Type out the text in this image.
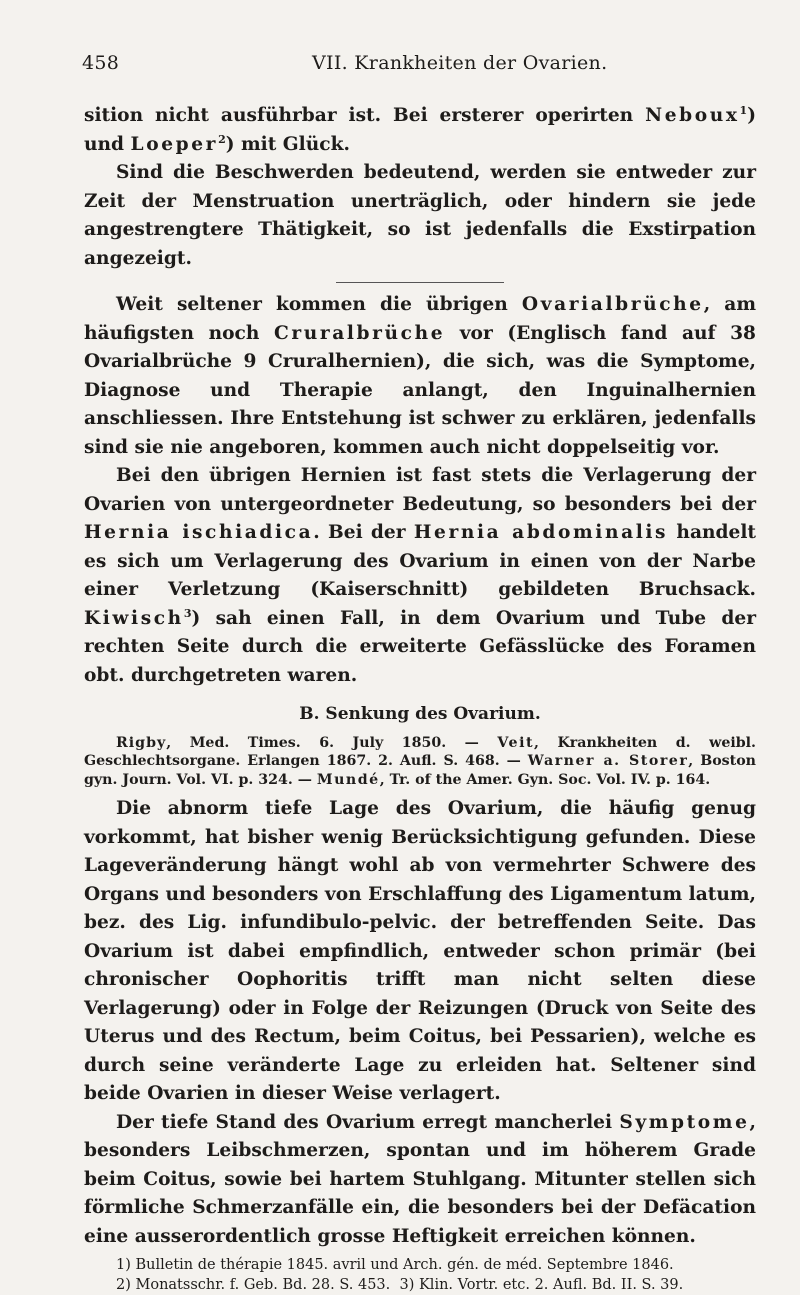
458	VII. Krankheiten der Ovarien.

sition nicht ausführbar ist. Bei ersterer operirten Neboux$^1$) und Loeper$^2$) mit Glück.

Sind die Beschwerden bedeutend, werden sie entweder zur Zeit der Menstruation unerträglich, oder hindern sie jede angestrengtere Thätigkeit, so ist jedenfalls die Exstirpation angezeigt.

Weit seltener kommen die übrigen Ovarialbrüche, am häufigsten noch Cruralbrüche vor (Englisch fand auf 38 Ovarialbrüche 9 Cruralhernien), die sich, was die Symptome, Diagnose und Therapie anlangt, den Inguinalhernien anschliessen. Ihre Entstehung ist schwer zu erklären, jedenfalls sind sie nie angeboren, kommen auch nicht doppelseitig vor.

Bei den übrigen Hernien ist fast stets die Verlagerung der Ovarien von untergeordneter Bedeutung, so besonders bei der Hernia ischiadica. Bei der Hernia abdominalis handelt es sich um Verlagerung des Ovarium in einen von der Narbe einer Verletzung (Kaiserschnitt) gebildeten Bruchsack. Kiwisch$^3$) sah einen Fall, in dem Ovarium und Tube der rechten Seite durch die erweiterte Gefässlücke des Foramen obt. durchgetreten waren.

B. Senkung des Ovarium.

Rigby, Med. Times. 6. July 1850. — Veit, Krankheiten d. weibl. Geschlechtsorgane. Erlangen 1867. 2. Aufl. S. 468. — Warner a. Storer, Boston gyn. Journ. Vol. VI. p. 324. — Mundé, Tr. of the Amer. Gyn. Soc. Vol. IV. p. 164.

Die abnorm tiefe Lage des Ovarium, die häufig genug vorkommt, hat bisher wenig Berücksichtigung gefunden. Diese Lageveränderung hängt wohl ab von vermehrter Schwere des Organs und besonders von Erschlaffung des Ligamentum latum, bez. des Lig. infundibulo-pelvic. der betreffenden Seite. Das Ovarium ist dabei empfindlich, entweder schon primär (bei chronischer Oophoritis trifft man nicht selten diese Verlagerung) oder in Folge der Reizungen (Druck von Seite des Uterus und des Rectum, beim Coitus, bei Pessarien), welche es durch seine veränderte Lage zu erleiden hat. Seltener sind beide Ovarien in dieser Weise verlagert.

Der tiefe Stand des Ovarium erregt mancherlei Symptome, besonders Leibschmerzen, spontan und im höherem Grade beim Coitus, sowie bei hartem Stuhlgang. Mitunter stellen sich förmliche Schmerzanfälle ein, die besonders bei der Defäcation eine ausserordentlich grosse Heftigkeit erreichen können.

1) Bulletin de thérapie 1845. avril und Arch. gén. de méd. Septembre 1846.
2) Monatsschr. f. Geb. Bd. 28. S. 453. 3) Klin. Vortr. etc. 2. Aufl. Bd. II. S. 39.
